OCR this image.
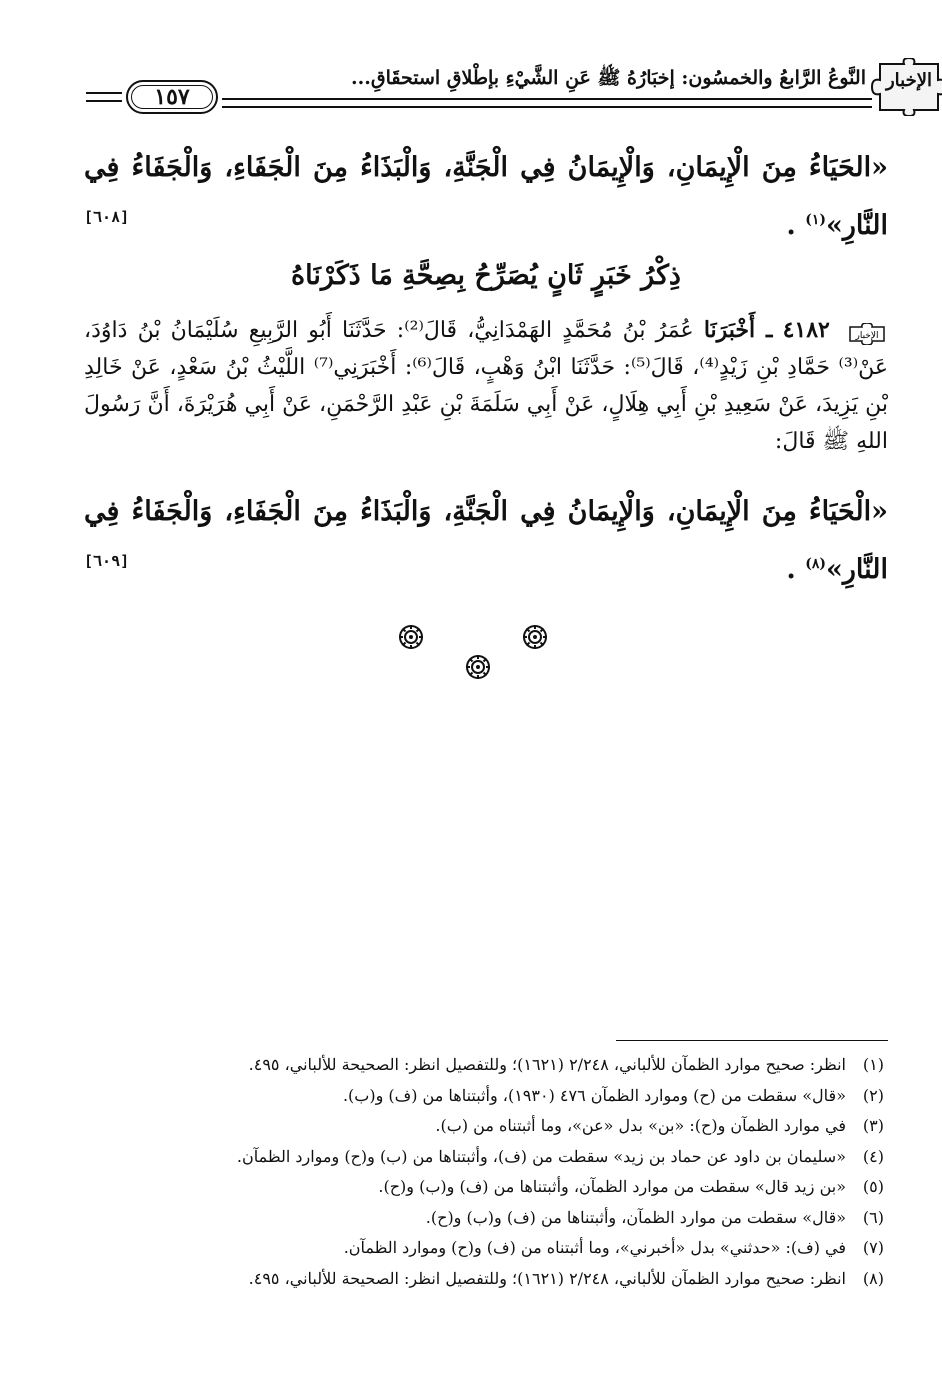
١٥٧
النَّوعُ الرَّابعُ والخمسُون: إخبَارُهُ ﷺ عَنِ الشَّيْءِ بإطْلاقِ استحقَاقِ...	الإخبار
«الحَيَاءُ مِنَ الْإِيمَانِ، وَالْإِيمَانُ فِي الْجَنَّةِ، وَالْبَذَاءُ مِنَ الْجَفَاءِ، وَالْجَفَاءُ فِي النَّارِ»$^{(١)}$ .
[٦٠٨]
ذِكْرُ خَبَرٍ ثَانٍ يُصَرِّحُ بِصِحَّةِ مَا ذَكَرْنَاهُ
الإخبار
٤١٨٢ ـ أَخْبَرَنَا عُمَرُ بْنُ مُحَمَّدٍ الهَمْدَانِيُّ، قَالَ⁽²⁾: حَدَّثَنَا أَبُو الرَّبِيعِ سُلَيْمَانُ بْنُ دَاوُدَ، عَنْ⁽³⁾ حَمَّادِ بْنِ زَيْدٍ⁽⁴⁾، قَالَ⁽⁵⁾: حَدَّثَنَا ابْنُ وَهْبٍ، قَالَ⁽⁶⁾: أَخْبَرَنِي⁽⁷⁾ اللَّيْثُ بْنُ سَعْدٍ، عَنْ خَالِدِ بْنِ يَزِيدَ، عَنْ سَعِيدِ بْنِ أَبِي هِلَالٍ، عَنْ أَبِي سَلَمَةَ بْنِ عَبْدِ الرَّحْمَنِ، عَنْ أَبِي هُرَيْرَةَ، أَنَّ رَسُولَ اللهِ ﷺ قَالَ:
«الْحَيَاءُ مِنَ الْإِيمَانِ، وَالْإِيمَانُ فِي الْجَنَّةِ، وَالْبَذَاءُ مِنَ الْجَفَاءِ، وَالْجَفَاءُ فِي النَّارِ»$^{(٨)}$ .
[٦٠٩]
(١)انظر: صحيح موارد الظمآن للألباني، ٢/٢٤٨ (١٦٢١)؛ وللتفصيل انظر: الصحيحة للألباني، ٤٩٥.
(٢)«قال» سقطت من (ح) وموارد الظمآن ٤٧٦ (١٩٣٠)، وأثبتناها من (ف) و(ب).
(٣)في موارد الظمآن و(ح): «بن» بدل «عن»، وما أثبتناه من (ب).
(٤)«سليمان بن داود عن حماد بن زيد» سقطت من (ف)، وأثبتناها من (ب) و(ح) وموارد الظمآن.
(٥)«بن زيد قال» سقطت من موارد الظمآن، وأثبتناها من (ف) و(ب) و(ح).
(٦)«قال» سقطت من موارد الظمآن، وأثبتناها من (ف) و(ب) و(ح).
(٧)في (ف): «حدثني» بدل «أخبرني»، وما أثبتناه من (ف) و(ح) وموارد الظمآن.
(٨)انظر: صحيح موارد الظمآن للألباني، ٢/٢٤٨ (١٦٢١)؛ وللتفصيل انظر: الصحيحة للألباني، ٤٩٥.
